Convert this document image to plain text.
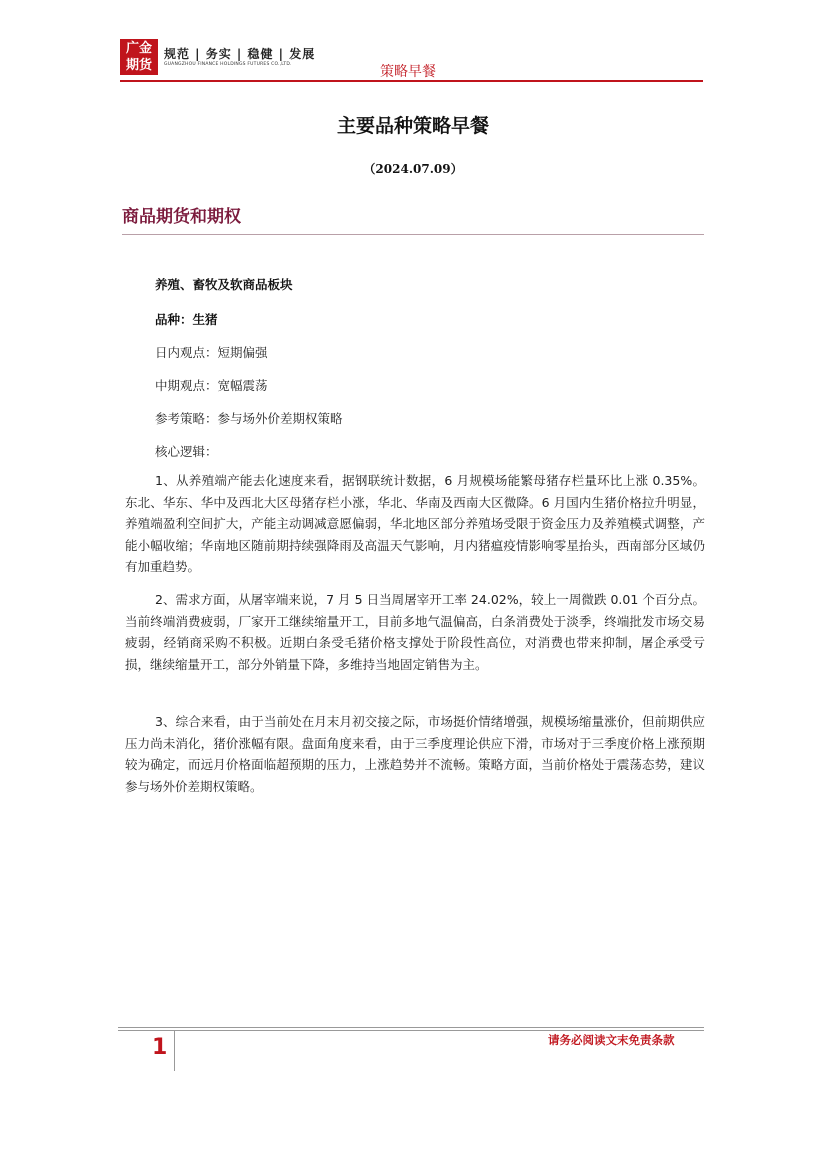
广金
期货
规范 | 务实 | 稳健 | 发展
GUANGZHOU FINANCE HOLDINGS FUTURES CO.,LTD.	策略早餐
主要品种策略早餐
（2024.07.09）
商品期货和期权
养殖、畜牧及软商品板块
品种：生猪
日内观点：短期偏强
中期观点：宽幅震荡
参考策略：参与场外价差期权策略
核心逻辑：

1、从养殖端产能去化速度来看，据钢联统计数据，6 月规模场能繁母猪存栏量环比上涨 0.35%。东北、华东、华中及西北大区母猪存栏小涨，华北、华南及西南大区微降。6 月国内生猪价格拉升明显，养殖端盈利空间扩大，产能主动调减意愿偏弱，华北地区部分养殖场受限于资金压力及养殖模式调整，产能小幅收缩；华南地区随前期持续强降雨及高温天气影响，月内猪瘟疫情影响零星抬头，西南部分区域仍有加重趋势。

2、需求方面，从屠宰端来说，7 月 5 日当周屠宰开工率 24.02%，较上一周微跌 0.01 个百分点。当前终端消费疲弱，厂家开工继续缩量开工，目前多地气温偏高，白条消费处于淡季，终端批发市场交易疲弱，经销商采购不积极。近期白条受毛猪价格支撑处于阶段性高位，对消费也带来抑制，屠企承受亏损，继续缩量开工，部分外销量下降，多维持当地固定销售为主。

3、综合来看，由于当前处在月末月初交接之际，市场挺价情绪增强，规模场缩量涨价，但前期供应压力尚未消化，猪价涨幅有限。盘面角度来看，由于三季度理论供应下滑，市场对于三季度价格上涨预期较为确定，而远月价格面临超预期的压力，上涨趋势并不流畅。策略方面，当前价格处于震荡态势，建议参与场外价差期权策略。

1	请务必阅读文末免责条款
